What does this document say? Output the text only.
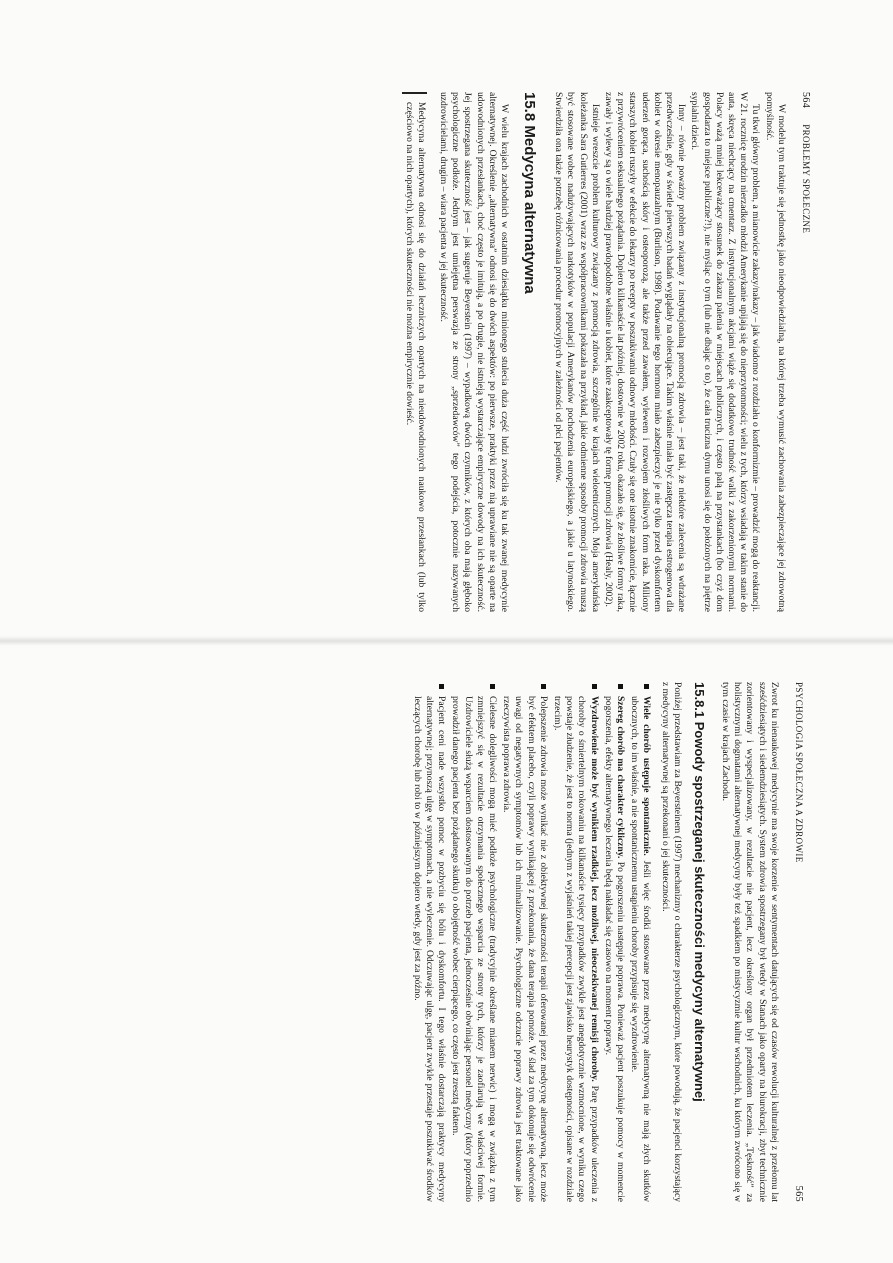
564
PROBLEMY SPOŁECZNE

W modelu tym traktuje się jednostkę jako nieodpowiedzialną, na której trzeba wymusić zachowania zabezpieczające jej zdrowotną pomyślność.

Tu tkwi główny problem, a mianowicie zakazy/nakazy – jak wiadomo z rozdziału o konformizmie – prowadzić mogą do reaktancji. W 21. rocznicę urodzin nierzadko młodzi Amerykanie upijają się do nieprzytomności; wielu z tych, którzy wsiadają w takim stanie do auta, skręca niechcący na cmentarz. Z instytucjonalnym akcjami wiąże się dodatkowo trudność walki z zakorzenionymi normami. Polacy ważą mniej lekceważący stosunek do zakazu palenia w miejscach publicznych, i często palą na przystankach (bo czyż dom gospodarza to miejsce publiczne?!), nie myśląc o tym (lub nie dbając o to), że cała trucizna dymu unosi się do położonych na piętrze sypialni dzieci.

Inny – równie poważny problem związany z instytucjonalną promocją zdrowia – jest taki, że niektóre zalecenia są wdrażane przedwcześnie, gdy w świetle pierwszych badań wyglądały na obiecujące. Takim właśnie miała być zastępcza terapia estrogenowa dla kobiet w okresie menopauzalnym (Burlison, 1998). Podawanie tego hormonu miało zabezpieczyć je nie tylko przed dyskomfortem uderzeń gorąca, suchością skóry i osteoporozą, ale także przed zawałem, wylewem i rozwojem złośliwych form raka. Miliony starszych kobiet ruszyły w efekcie do lekarzy po recepty w poszukiwaniu odnowy młodości. Czuły się one istotnie znakomicie, łącznie z przywróceniem seksualnego pożądania. Dopiero kilkanaście lat później, dostownie w 2002 roku, okazało się, że złośliwe formy raka, zawały i wylewy są o wiele bardziej prawdopodobne właśnie u kobiet, które zaakceptowały tę formę promocji zdrowia (Healy, 2002).

Istnieje wreszcie problem kulturowy związany z promocją zdrowia, szczególnie w krajach wieloetnicznych. Moja amerykańska koleżanka Sara Gutierres (2001) wraz ze współpracownikami pokazała na przykład, jakie odmienne sposoby promocji zdrowia muszą być stosowane wobec nadużywających narkotyków w populacji Amerykanów pochodzenia europejskiego, a jakie u latynoskiego. Stwierdziła ona także potrzebę różnicowania procedur promocyjnych w zależności od płci pacjentów.

15.8 Medycyna alternatywna

W wielu krajach zachodnich w ostatnim dziesiątku minionego stulecia duża część ludzi zwróciła się ku tak zwanej medycynie alternatywnej. Określenie „alternatywna” odnosi się do dwóch aspektów: po pierwsze, praktyki przez nią uprawiane nie są oparte na udowodnionych przesłankach, choć często je imitują, a po drugie, nie istnieją wystarczające empiryczne dowody na ich skuteczność. Jej spostrzegana skuteczność jest – jak sugeruje Beyerstein (1997) – wypadkową dwóch czynników, z których oba mają głęboko psychologiczne podłoże. Jednym jest umiejętna perswazja ze strony „sprzedawców” tego podejścia, potocznie nazywanych uzdrowicielami, drugim – wiara pacjenta w jej skuteczność.

Medycyna alternatywna odnosi się do działań leczniczych opartych na nieudowodnionych naukowo przesłankach (lub tylko częściowo na nich opartych), których skuteczności nie można empirycznie dowieść.
PSYCHOLOGIA SPOŁECZNA A ZDROWIE
565

Zwrot ku nienaukowej medycynie ma swoje korzenie w sentymentach datujących się od czasów rewolucji kulturalnej z przełomu lat sześćdziesiątych i siedemdziesiątych. System zdrowia spostrzegany był wtedy w Stanach jako oparty na biurokracji, zbyt technicznie zorientowany i wyspecjalizowany, w rezultacie nie pacjent, lecz określony organ był przedmiotem leczenia. „Tęskność” za holistycznymi dogmatami alternatywnej medycyny były też spadkiem po mistycyzmie kultur wschodnich, ku którym zwrócono się w tym czasie w krajach Zachodu.

15.8.1 Powody spostrzeganej skuteczności medycyny alternatywnej

Poniżej przedstawiam za Beyersteinem (1997) mechanizmy o charakterze psychologicznym, które powodują, że pacjenci korzystający z medycyny alternatywnej są przekonani o jej skuteczności.

Wiele chorób ustępuje spontanicznie. Jeśli więc środki stosowane przez medycynę alternatywną nie mają złych skutków ubocznych, to im właśnie, a nie spontanicznemu ustąpieniu choroby przypisuje się wyzdrowienie.
Szereg chorób ma charakter cykliczny. Po pogorszeniu następuje poprawa. Ponieważ pacjent poszukuje pomocy w momencie pogorszenia, efekty alternatywnego leczenia będą nakładać się czasowo na moment poprawy.
Wyzdrowienie może być wynikiem rzadkiej, lecz możliwej, nieoczekiwanej remisji choroby. Parę przypadków uleczenia z choroby o śmiertelnym rokowaniu na kilkanaście tysięcy przypadków zwykle jest anegdotycznie wzmocnione, w wyniku czego powstaje złudzenie, że jest to norma (jednym z wyjaśnień takiej percepcji jest zjawisko heurystyk dostępności, opisane w rozdziale trzecim).
Polepszenie zdrowia może wynikać nie z obiektywnej skuteczności terapii oferowanej przez medycynę alternatywną, lecz może być efektem placebo, czyli poprawy wynikającej z przekonania, że dana terapia pomoże. W ślad za tym dokonuje się odwrócenie uwagi od negatywnych symptomów lub ich minimalizowanie. Psychologiczne odczucie poprawy zdrowia jest traktowane jako rzeczywista poprawa zdrowia.
Cielesne dolegliwości mogą mieć podłoże psychologiczne (tradycyjnie określane mianem nerwic) i mogą w związku z tym zmniejszyć się w rezultacie otrzymania społecznego wsparcia ze strony tych, którzy je zaofiarują we właściwej formie. Uzdrowiciele służą wsparciem dostosowanym do potrzeb pacjenta, jednocześnie obwiniając personel medyczny (który poprzednio prowadził danego pacjenta bez pożądanego skutku) o obojętność wobec cierpiącego, co często jest zresztą faktem.
Pacjent ceni nade wszystko pomoc w pozbyciu się bólu i dyskomfortu. I tego właśnie dostarczają praktycy medycyny alternatywnej; przynoszą ulgę w symptomach, a nie wyleczenie. Odczuwając ulgę, pacjent zwykle przestaje poszukiwać środków leczących chorobę lub robi to w późniejszym dopiero wtedy, gdy jest za późno.
